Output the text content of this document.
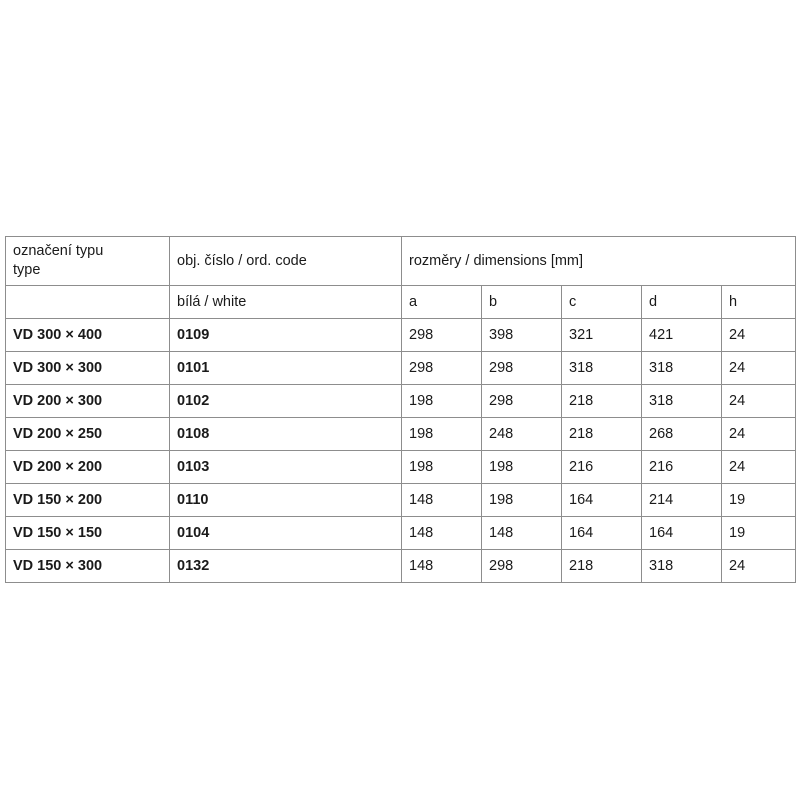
označení typu
type	obj. číslo / ord. code	rozměry / dimensions [mm]				
	bílá / white	a	b	c	d	h
VD 300 × 400	0109	298	398	321	421	24
VD 300 × 300	0101	298	298	318	318	24
VD 200 × 300	0102	198	298	218	318	24
VD 200 × 250	0108	198	248	218	268	24
VD 200 × 200	0103	198	198	216	216	24
VD 150 × 200	0110	148	198	164	214	19
VD 150 × 150	0104	148	148	164	164	19
VD 150 × 300	0132	148	298	218	318	24
